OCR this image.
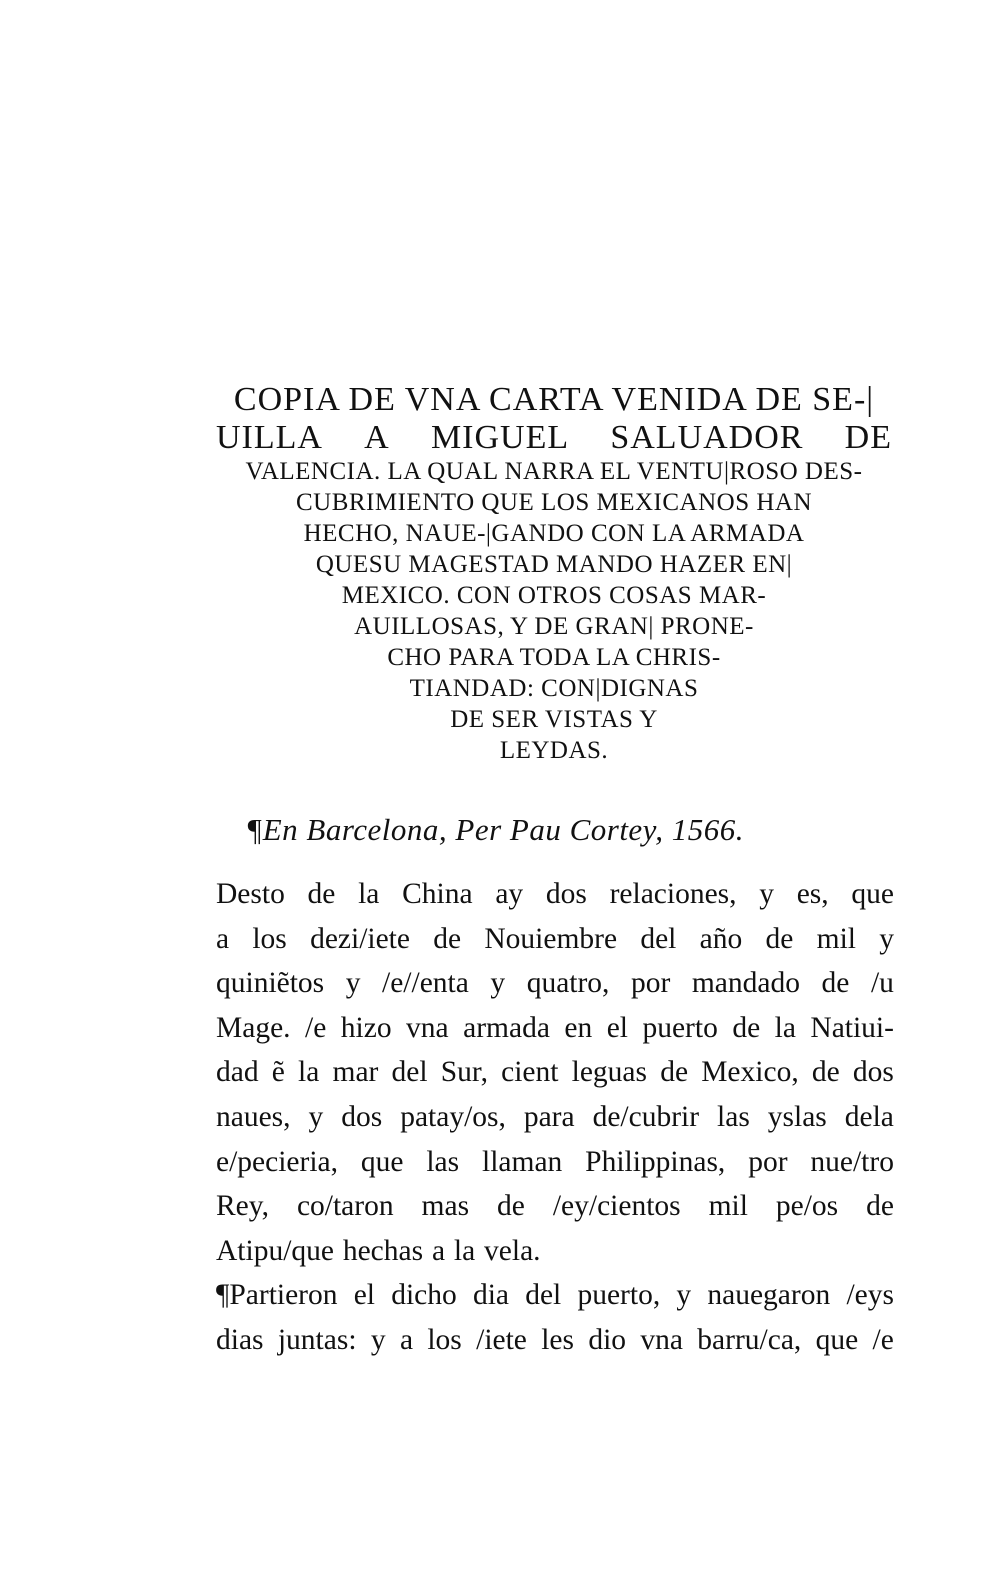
COPIA DE VNA CARTA VENIDA DE SE-|
UILLA A MIGUEL SALUADOR DE
VALENCIA. LA QUAL NARRA EL VENTU|ROSO DES-
CUBRIMIENTO QUE LOS MEXICANOS HAN
HECHO, NAUE-|GANDO CON LA ARMADA
QUESU MAGESTAD MANDO HAZER EN|
MEXICO. CON OTROS COSAS MAR-
AUILLOSAS, Y DE GRAN| PRONE-
CHO PARA TODA LA CHRIS-
TIANDAD: CON|DIGNAS
DE SER VISTAS Y
LEYDAS.
¶En Barcelona, Per Pau Cortey, 1566.
Desto de la China ay dos relaciones, y es, que
a los dezi/iete de Nouiembre del año de mil y
quiniẽtos y /e//enta y quatro, por mandado de /u
Mage. /e hizo vna armada en el puerto de la Natiui-
dad ẽ la mar del Sur, cient leguas de Mexico, de dos
naues, y dos patay/os, para de/cubrir las yslas dela
e/pecieria, que las llaman Philippinas, por nue/tro
Rey, co/taron mas de /ey/cientos mil pe/os de
Atipu/que hechas a la vela.
¶Partieron el dicho dia del puerto, y nauegaron /eys
dias juntas: y a los /iete les dio vna barru/ca, que /e
